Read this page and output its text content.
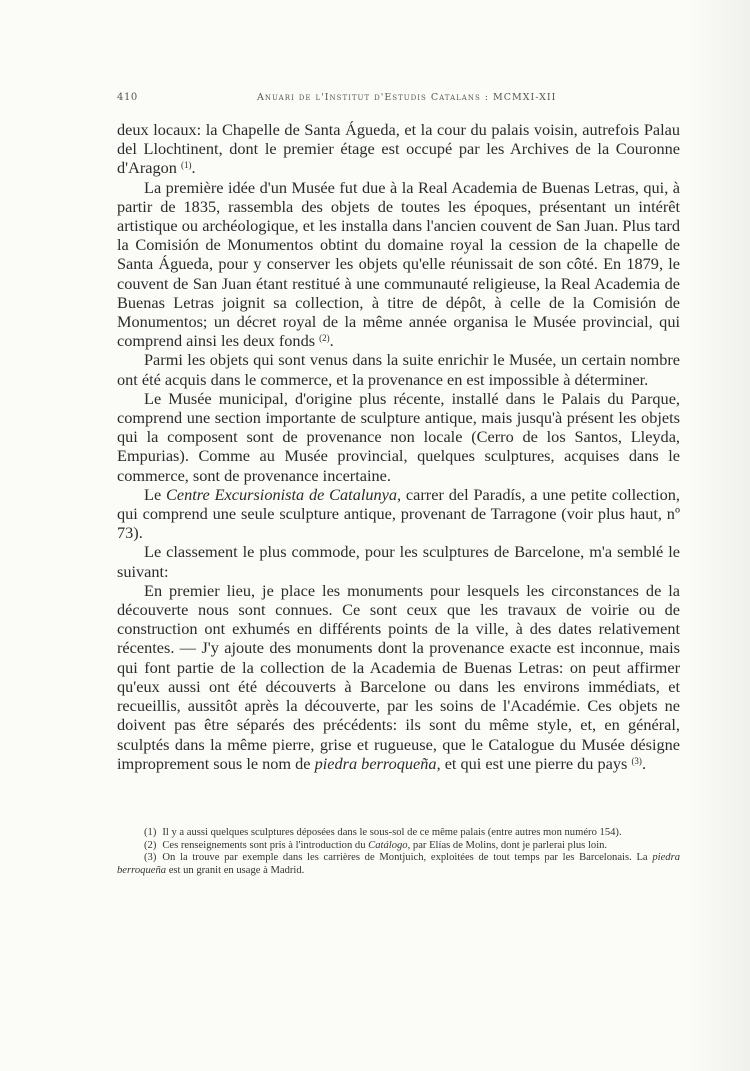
410	Anuari de l'Institut d'Estudis Catalans : MCMXI-XII

deux locaux: la Chapelle de Santa Águeda, et la cour du palais voisin, autrefois Palau del Llochtinent, dont le premier étage est occupé par les Archives de la Couronne d'Aragon $^{(1)}$.

La première idée d'un Musée fut due à la Real Academia de Buenas Letras, qui, à partir de 1835, rassembla des objets de toutes les époques, présentant un intérêt artistique ou archéologique, et les installa dans l'ancien couvent de San Juan. Plus tard la Comisión de Monumentos obtint du domaine royal la cession de la chapelle de Santa Águeda, pour y conserver les objets qu'elle réunissait de son côté. En 1879, le couvent de San Juan étant restitué à une communauté religieuse, la Real Academia de Buenas Letras joignit sa collection, à titre de dépôt, à celle de la Comisión de Monumentos; un décret royal de la même année organisa le Musée provincial, qui comprend ainsi les deux fonds $^{(2)}$.

Parmi les objets qui sont venus dans la suite enrichir le Musée, un certain nombre ont été acquis dans le commerce, et la provenance en est impossible à déterminer.

Le Musée municipal, d'origine plus récente, installé dans le Palais du Parque, comprend une section importante de sculpture antique, mais jusqu'à présent les objets qui la composent sont de provenance non locale (Cerro de los Santos, Lleyda, Empurias). Comme au Musée provincial, quelques sculptures, acquises dans le commerce, sont de provenance incertaine.

Le Centre Excursionista de Catalunya, carrer del Paradís, a une petite collection, qui comprend une seule sculpture antique, provenant de Tarragone (voir plus haut, nº 73).

Le classement le plus commode, pour les sculptures de Barcelone, m'a semblé le suivant:

En premier lieu, je place les monuments pour lesquels les circonstances de la découverte nous sont connues. Ce sont ceux que les travaux de voirie ou de construction ont exhumés en différents points de la ville, à des dates relativement récentes. — J'y ajoute des monuments dont la provenance exacte est inconnue, mais qui font partie de la collection de la Academia de Buenas Letras: on peut affirmer qu'eux aussi ont été découverts à Barcelone ou dans les environs immédiats, et recueillis, aussitôt après la découverte, par les soins de l'Académie. Ces objets ne doivent pas être séparés des précédents: ils sont du même style, et, en général, sculptés dans la même pierre, grise et rugueuse, que le Catalogue du Musée désigne improprement sous le nom de piedra berroqueña, et qui est une pierre du pays $^{(3)}$.

(1) Il y a aussi quelques sculptures déposées dans le sous-sol de ce même palais (entre autres mon numéro 154).

(2) Ces renseignements sont pris à l'introduction du Catálogo, par Elías de Molins, dont je parlerai plus loin.

(3) On la trouve par exemple dans les carrières de Montjuich, exploitées de tout temps par les Barcelonais. La piedra berroqueña est un granit en usage à Madrid.
